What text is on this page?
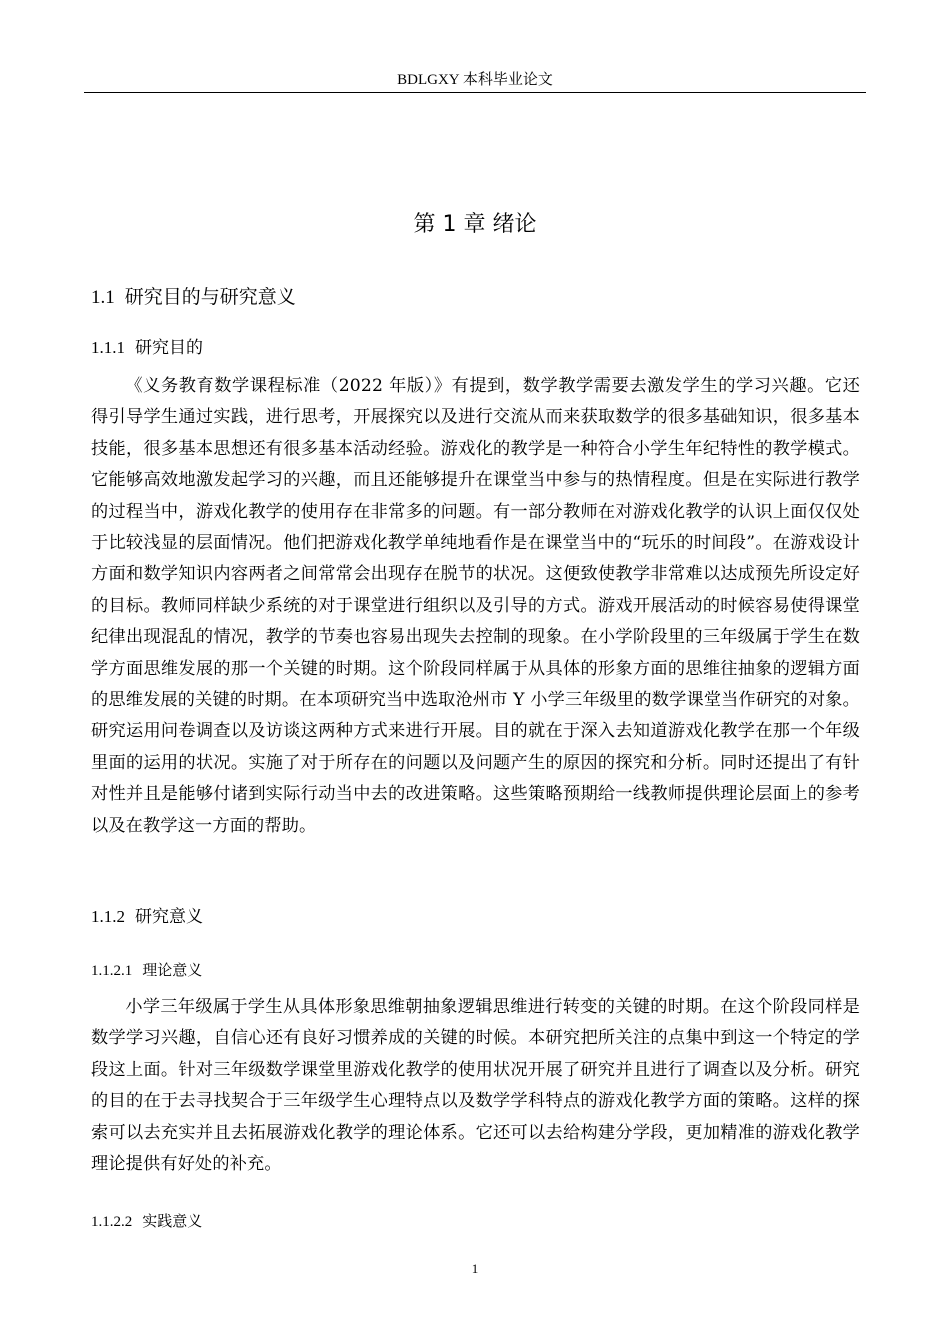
BDLGXY 本科毕业论文
第 1 章 绪论
1.1 研究目的与研究意义
1.1.1 研究目的

《义务教育数学课程标准（2022 年版）》有提到，数学教学需要去激发学生的学习兴趣。它还得引导学生通过实践，进行思考，开展探究以及进行交流从而来获取数学的很多基础知识，很多基本技能，很多基本思想还有很多基本活动经验。游戏化的教学是一种符合小学生年纪特性的教学模式。它能够高效地激发起学习的兴趣，而且还能够提升在课堂当中参与的热情程度。但是在实际进行教学的过程当中，游戏化教学的使用存在非常多的问题。有一部分教师在对游戏化教学的认识上面仅仅处于比较浅显的层面情况。他们把游戏化教学单纯地看作是在课堂当中的“玩乐的时间段”。在游戏设计方面和数学知识内容两者之间常常会出现存在脱节的状况。这便致使教学非常难以达成预先所设定好的目标。教师同样缺少系统的对于课堂进行组织以及引导的方式。游戏开展活动的时候容易使得课堂纪律出现混乱的情况，教学的节奏也容易出现失去控制的现象。在小学阶段里的三年级属于学生在数学方面思维发展的那一个关键的时期。这个阶段同样属于从具体的形象方面的思维往抽象的逻辑方面的思维发展的关键的时期。在本项研究当中选取沧州市 Y 小学三年级里的数学课堂当作研究的对象。研究运用问卷调查以及访谈这两种方式来进行开展。目的就在于深入去知道游戏化教学在那一个年级里面的运用的状况。实施了对于所存在的问题以及问题产生的原因的探究和分析。同时还提出了有针对性并且是能够付诸到实际行动当中去的改进策略。这些策略预期给一线教师提供理论层面上的参考以及在教学这一方面的帮助。

1.1.2 研究意义
1.1.2.1 理论意义

小学三年级属于学生从具体形象思维朝抽象逻辑思维进行转变的关键的时期。在这个阶段同样是数学学习兴趣，自信心还有良好习惯养成的关键的时候。本研究把所关注的点集中到这一个特定的学段这上面。针对三年级数学课堂里游戏化教学的使用状况开展了研究并且进行了调查以及分析。研究的目的在于去寻找契合于三年级学生心理特点以及数学学科特点的游戏化教学方面的策略。这样的探索可以去充实并且去拓展游戏化教学的理论体系。它还可以去给构建分学段，更加精准的游戏化教学理论提供有好处的补充。

1.1.2.2 实践意义
1
